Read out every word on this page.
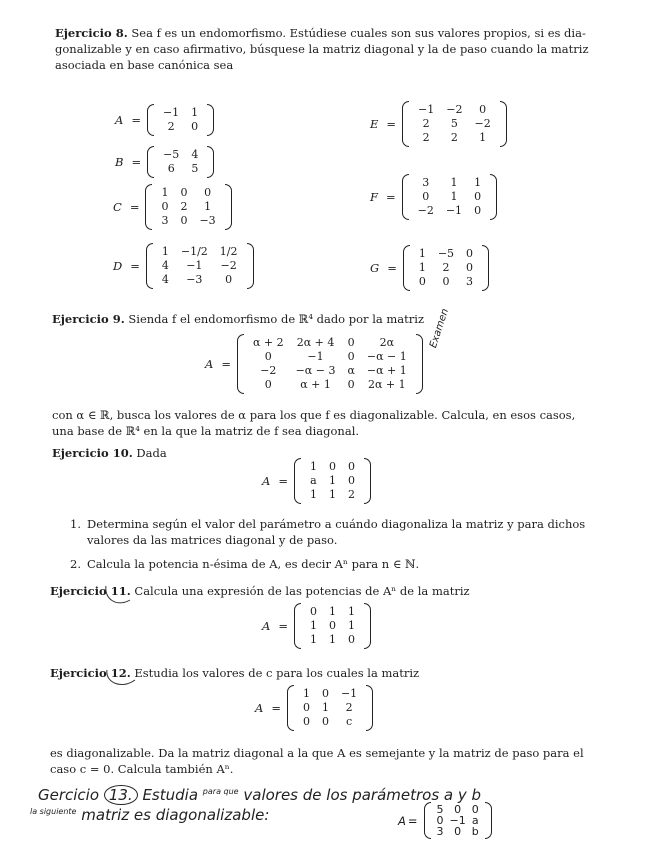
Ejercicio 8. Sea f es un endomorfismo. Estúdiese cuales son sus valores propios, si es dia-

gonalizable y en caso afirmativo, búsquese la matriz diagonal y la de paso cuando la matriz

asociada en base canónica sea

A =
−1	1
2	0
B =
−5	4
6	5
C =
1	0	0
0	2	1
3	0	−3
D =
1	−1/2	1/2
4	−1	−2
4	−3	0
E =
−1	−2	0
2	5	−2
2	2	1
F =
3	1	1
0	1	0
−2	−1	0
G =
1	−5	0
1	2	0
0	0	3

Ejercicio 9. Sienda f el endomorfismo de ℝ⁴ dado por la matriz

A =
α + 2	2α + 4	0	2α
0	−1	0	−α − 1
−2	−α − 3	α	−α + 1
0	α + 1	0	2α + 1
Examen

con α ∈ ℝ, busca los valores de α para los que f es diagonalizable. Calcula, en esos casos,

una base de ℝ⁴ en la que la matriz de f sea diagonal.

Ejercicio 10. Dada

A =
1	0	0
a	1	0
1	1	2
1. Determina según el valor del parámetro a cuándo diagonaliza la matriz y para dichos
valores da las matrices diagonal y de paso.
2. Calcula la potencia n-ésima de A, es decir Aⁿ para n ∈ ℕ.

Ejercicio 11. Calcula una expresión de las potencias de Aⁿ de la matriz

A =
0	1	1
1	0	1
1	1	0

Ejercicio 12. Estudia los valores de c para los cuales la matriz

A =
1	0	−1
0	1	2
0	0	c

es diagonalizable. Da la matriz diagonal a la que A es semejante y la matriz de paso para el

caso c = 0. Calcula también Aⁿ.

Gercicio 13. Estudia $^{para que}$ valores de los parámetros a y b
$^{la siguiente}$ matriz es diagonalizable:	A =
5	0	0
0	−1	a
3	0	b
